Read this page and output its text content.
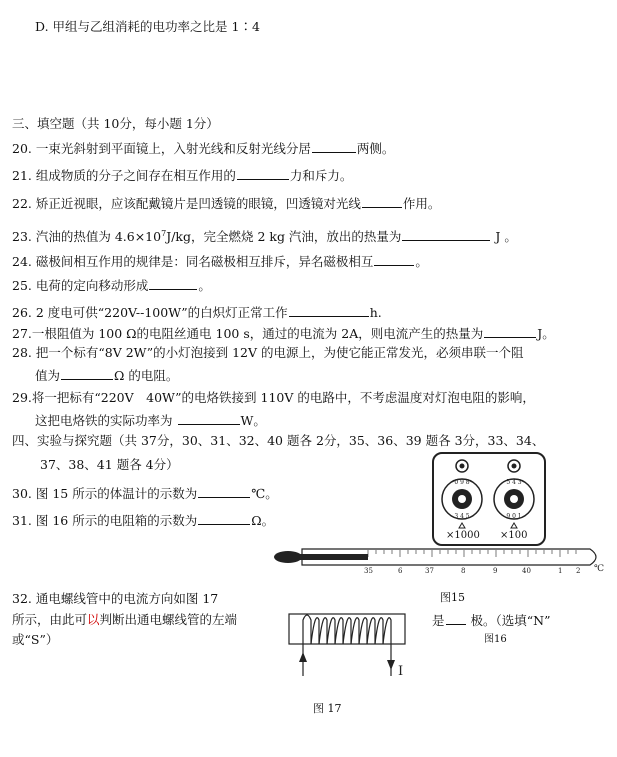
D. 甲组与乙组消耗的电功率之比是 1∶4
三、填空题（共 10分，每小题 1分）
20. 一束光斜射到平面镜上，入射光线和反射光线分居	两侧。
21. 组成物质的分子之间存在相互作用的	力和斥力。
22. 矫正近视眼，应该配戴镜片是凹透镜的眼镜，凹透镜对光线	作用。
23. 汽油的热值为 $4.6\times 10^7J/kg$，完全燃烧 2 kg 汽油，放出的热量为	J 。
24. 磁极间相互作用的规律是：同名磁极相互排斥，异名磁极相互	。
25. 电荷的定向移动形成	。
26. 2 度电可供“220V--100W”的白炽灯正常工作	h.
27.一根阻值为 100 Ω的电阻丝通电 100 s，通过的电流为 2A，则电流产生的热量为	J。
28. 把一个标有“8V 2W”的小灯泡接到 12V 的电源上，为使它能正常发光，必须串联一个阻
值为	Ω 的电阻。
29.将一把标有“220V　40W”的电烙铁接到 110V 的电路中，不考虑温度对灯泡电阻的影响，
这把电烙铁的实际功率为	W。
四、实验与探究题（共 37分，30、31、32、40 题各 2分，35、36、39 题各 3分，33、34、
37、38、41 题各 4分）
30. 图 15 所示的体温计的示数为	℃。
31. 图 16 所示的电阻箱的示数为	Ω。
0 9 8
3 4 5
5 4 3
9 0 1
×1000 ×100
35	6	37	8	9	40	1 2 ℃
图15
32. 通电螺线管中的电流方向如图 17
所示，由此可以判断出通电螺线管的左端
或“S”）
是 极。（选填“N”
图16
I
图 17
